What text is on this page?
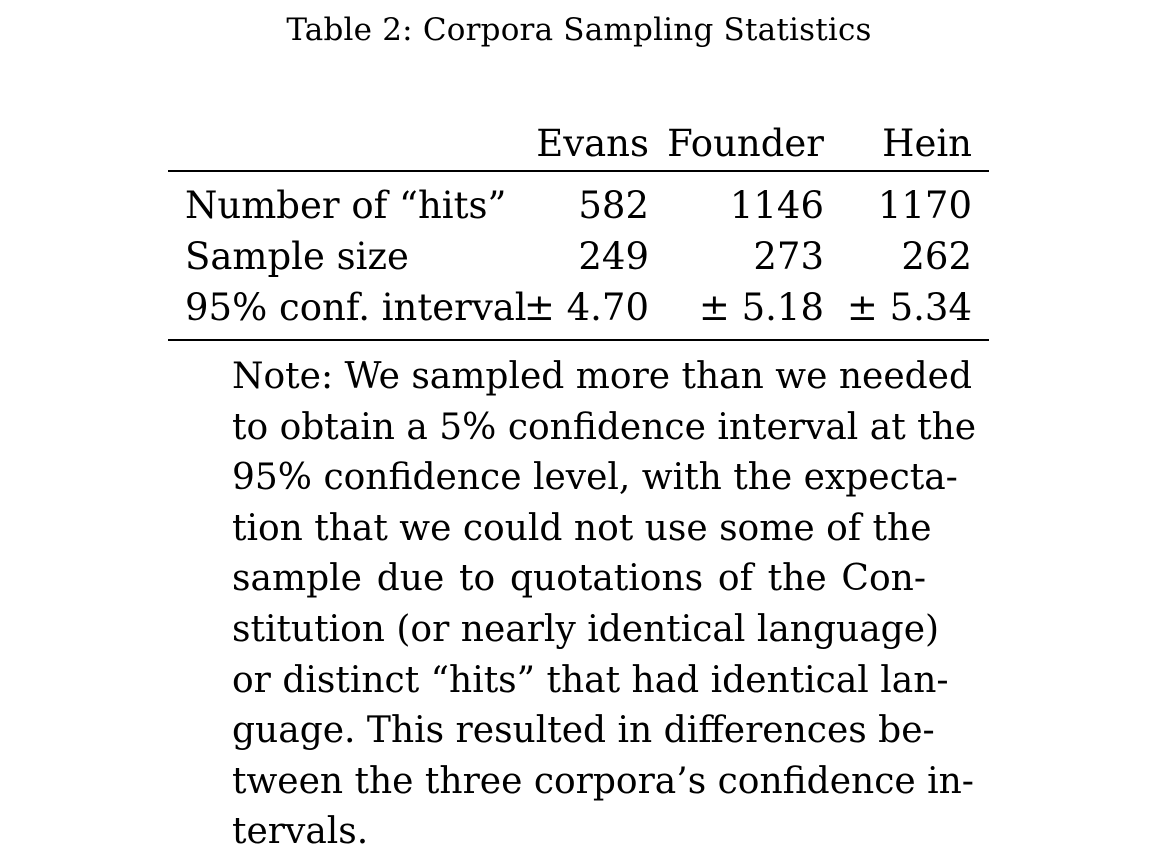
Table 2: Corpora Sampling Statistics
Evans Founder Hein
Number of “hits” 582 1146 1170
Sample size	249	273 262
95% conf. interval
± 4.70 ± 5.18 ± 5.34
Note: We sampled more than we needed
to obtain a 5% confidence interval at the
95% confidence level, with the expecta-
tion that we could not use some of the
sample due to quotations of the Con-
stitution (or nearly identical language)
or distinct “hits” that had identical lan-
guage. This resulted in differences be-
tween the three corpora’s confidence in-
tervals.
